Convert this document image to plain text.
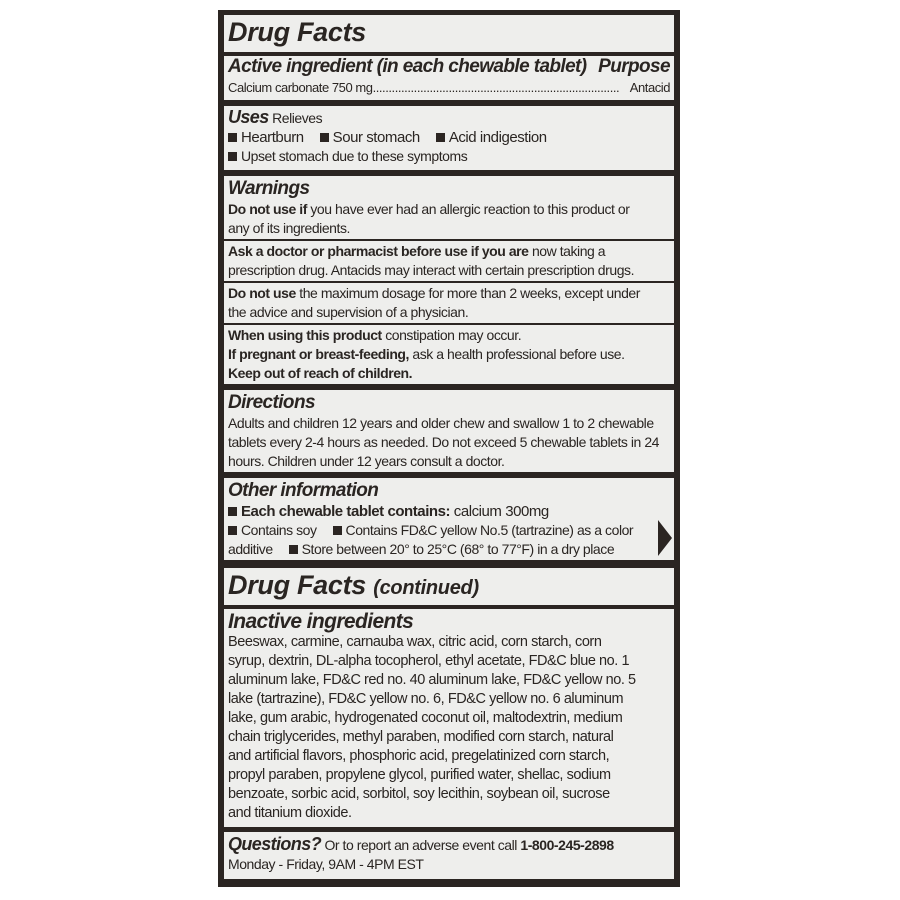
Drug Facts
Active ingredient (in each chewable tablet) Purpose
Calcium carbonate 750 mg .............................................................................. Antacid
Uses Relieves
Heartburn Sour stomach Acid indigestion
Upset stomach due to these symptoms
Warnings
Do not use if you have ever had an allergic reaction to this product or
any of its ingredients.
Ask a doctor or pharmacist before use if you are now taking a
prescription drug. Antacids may interact with certain prescription drugs.
Do not use the maximum dosage for more than 2 weeks, except under
the advice and supervision of a physician.
When using this product constipation may occur.
If pregnant or breast-feeding, ask a health professional before use.
Keep out of reach of children.
Directions
Adults and children 12 years and older chew and swallow 1 to 2 chewable
tablets every 2-4 hours as needed. Do not exceed 5 chewable tablets in 24
hours. Children under 12 years consult a doctor.
Other information
Each chewable tablet contains: calcium 300mg
Contains soy Contains FD&C yellow No.5 (tartrazine) as a color
additive Store between 20° to 25°C (68° to 77°F) in a dry place
Drug Facts (continued)
Inactive ingredients
Beeswax, carmine, carnauba wax, citric acid, corn starch, corn
syrup, dextrin, DL-alpha tocopherol, ethyl acetate, FD&C blue no. 1
aluminum lake, FD&C red no. 40 aluminum lake, FD&C yellow no. 5
lake (tartrazine), FD&C yellow no. 6, FD&C yellow no. 6 aluminum
lake, gum arabic, hydrogenated coconut oil, maltodextrin, medium
chain triglycerides, methyl paraben, modified corn starch, natural
and artificial flavors, phosphoric acid, pregelatinized corn starch,
propyl paraben, propylene glycol, purified water, shellac, sodium
benzoate, sorbic acid, sorbitol, soy lecithin, soybean oil, sucrose
and titanium dioxide.
Questions? Or to report an adverse event call 1-800-245-2898
Monday - Friday, 9AM - 4PM EST
